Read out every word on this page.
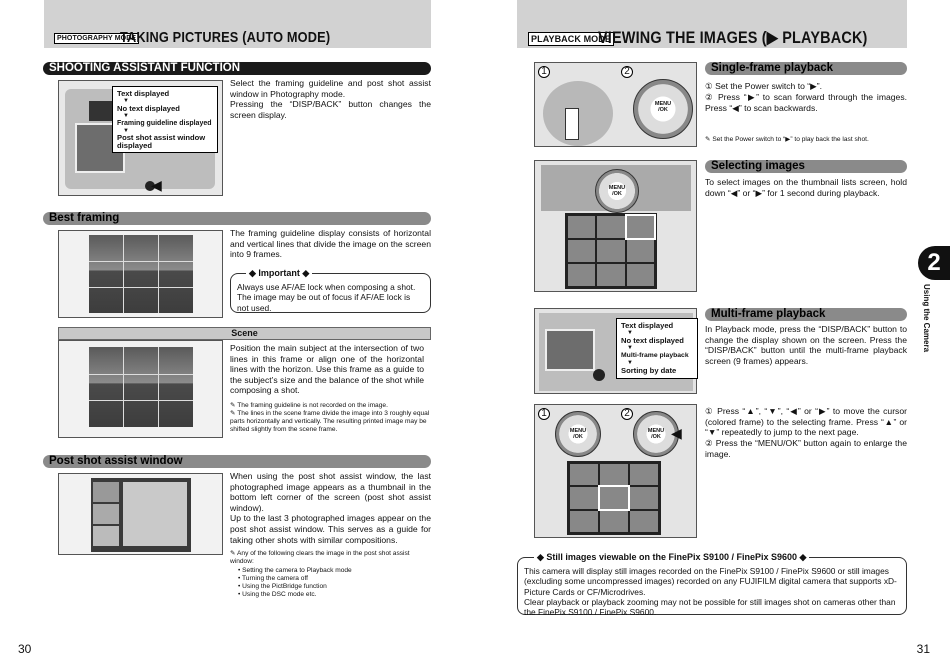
PHOTOGRAPHY MODE
TAKING PICTURES (AUTO MODE)
SHOOTING ASSISTANT FUNCTION
◀
Text displayed
▼
No text displayed
▼
Framing guideline displayed
▼
Post shot assist window displayed
Select the framing guideline and post shot assist window in Photography mode.
Pressing the “DISP/BACK” button changes the screen display.
Best framing
The framing guideline display consists of horizontal and vertical lines that divide the image on the screen into 9 frames.
Always use AF/AE lock when composing a shot. The image may be out of focus if AF/AE lock is not used.
◆ Important ◆
Scene
Position the main subject at the intersection of two lines in this frame or align one of the horizontal lines with the horizon. Use this frame as a guide to the subject’s size and the balance of the shot while composing a shot.
✎ The framing guideline is not recorded on the image.
✎ The lines in the scene frame divide the image into 3 roughly equal parts horizontally and vertically. The resulting printed image may be shifted slightly from the scene frame.
Post shot assist window
When using the post shot assist window, the last photographed image appears as a thumbnail in the bottom left corner of the screen (post shot assist window).
Up to the last 3 photographed images appear on the post shot assist window. This serves as a guide for taking other shots with similar compositions.
✎ Any of the following clears the image in the post shot assist window:
• Setting the camera to Playback mode
• Turning the camera off
• Using the PictBridge function
• Using the DSC mode etc.
30
PLAYBACK MODE
VIEWING THE IMAGES (▶ PLAYBACK)
1	2
MENU
/OK
Single-frame playback
① Set the Power switch to “▶”.
② Press “▶” to scan forward through the images. Press “◀” to scan backwards.
✎ Set the Power switch to “▶” to play back the last shot.
MENU
/OK
Selecting images
To select images on the thumbnail lists screen, hold down “◀” or “▶” for 1 second during playback.
Text displayed
▼
No text displayed
▼
Multi-frame playback
▼
Sorting by date
Multi-frame playback
In Playback mode, press the “DISP/BACK” button to change the display shown on the screen. Press the “DISP/BACK” button until the multi-frame playback screen (9 frames) appears.
1	2
MENU
/OK
MENU
/OK ◀
① Press “▲”, “▼”, “◀” or “▶” to move the cursor (colored frame) to the selecting frame. Press “▲” or “▼” repeatedly to jump to the next page.
② Press the “MENU/OK” button again to enlarge the image.
This camera will display still images recorded on the FinePix S9100 / FinePix S9600 or still images (excluding some uncompressed images) recorded on any FUJIFILM digital camera that supports xD-Picture Cards or CF/Microdrives.
Clear playback or playback zooming may not be possible for still images shot on cameras other than the FinePix S9100 / FinePix S9600.
◆ Still images viewable on the FinePix S9100 / FinePix S9600 ◆
2
Using the Camera
31
